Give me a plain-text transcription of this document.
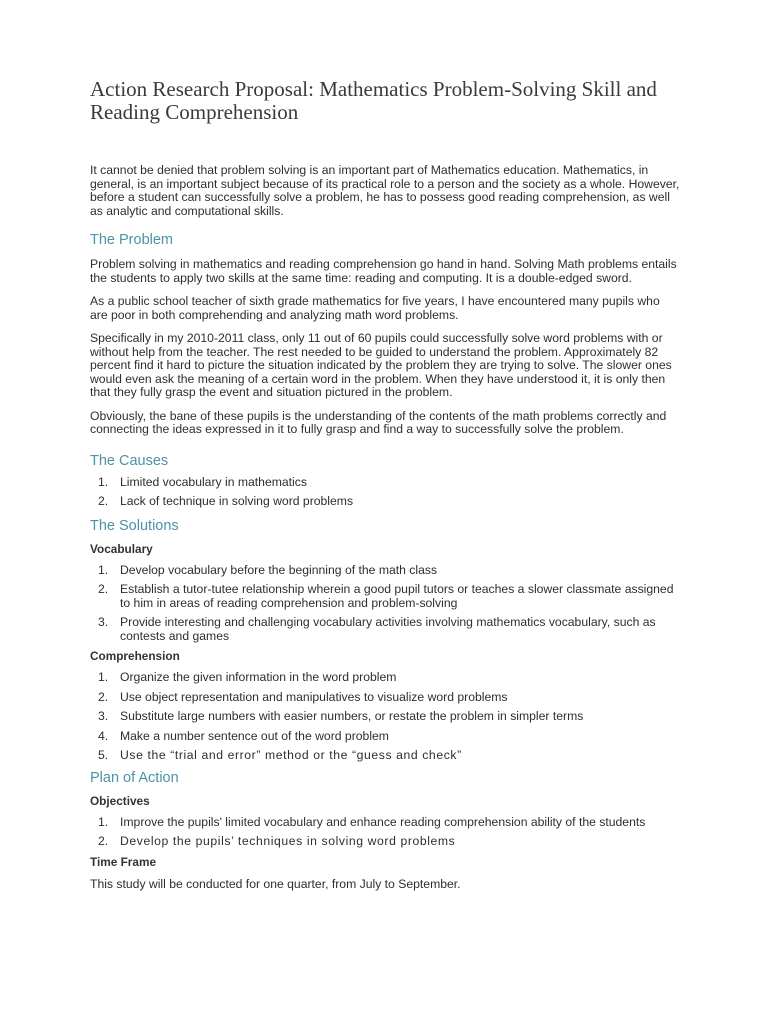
Action Research Proposal: Mathematics Problem-Solving Skill and Reading Comprehension

It cannot be denied that problem solving is an important part of Mathematics education. Mathematics, in general, is an important subject because of its practical role to a person and the society as a whole. However, before a student can successfully solve a problem, he has to possess good reading comprehension, as well as analytic and computational skills.

The Problem

Problem solving in mathematics and reading comprehension go hand in hand. Solving Math problems entails the students to apply two skills at the same time: reading and computing. It is a double-edged sword.

As a public school teacher of sixth grade mathematics for five years, I have encountered many pupils who are poor in both comprehending and analyzing math word problems.

Specifically in my 2010-2011 class, only 11 out of 60 pupils could successfully solve word problems with or without help from the teacher. The rest needed to be guided to understand the problem. Approximately 82 percent find it hard to picture the situation indicated by the problem they are trying to solve. The slower ones would even ask the meaning of a certain word in the problem. When they have understood it, it is only then that they fully grasp the event and situation pictured in the problem.

Obviously, the bane of these pupils is the understanding of the contents of the math problems correctly and connecting the ideas expressed in it to fully grasp and find a way to successfully solve the problem.

The Causes
1. Limited vocabulary in mathematics
2. Lack of technique in solving word problems
The Solutions
Vocabulary
1. Develop vocabulary before the beginning of the math class
2. Establish a tutor-tutee relationship wherein a good pupil tutors or teaches a slower classmate assigned to him in areas of reading comprehension and problem-solving
3. Provide interesting and challenging vocabulary activities involving mathematics vocabulary, such as contests and games
Comprehension
1. Organize the given information in the word problem
2. Use object representation and manipulatives to visualize word problems
3. Substitute large numbers with easier numbers, or restate the problem in simpler terms
4. Make a number sentence out of the word problem
5. Use the “trial and error” method or the “guess and check”
Plan of Action
Objectives
1. Improve the pupils' limited vocabulary and enhance reading comprehension ability of the students
2. Develop the pupils’ techniques in solving word problems
Time Frame

This study will be conducted for one quarter, from July to September.
